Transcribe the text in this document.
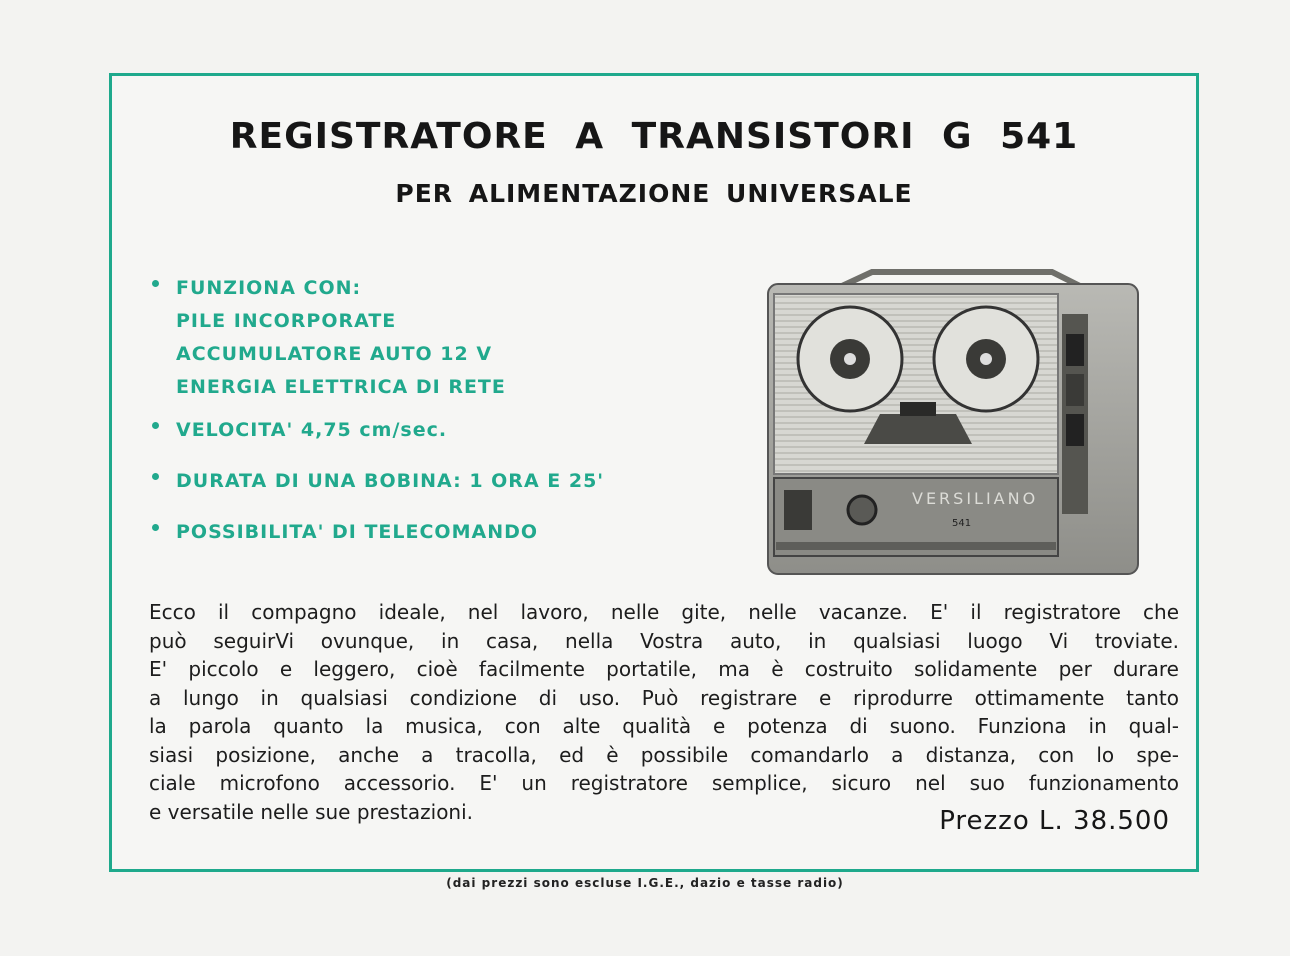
REGISTRATORE A TRANSISTORI G 541
PER ALIMENTAZIONE UNIVERSALE
FUNZIONA CON:
PILE INCORPORATE
ACCUMULATORE AUTO 12 V
ENERGIA ELETTRICA DI RETE
VELOCITA' 4,75 cm/sec.
DURATA DI UNA BOBINA: 1 ORA E 25'
POSSIBILITA' DI TELECOMANDO
VERSILIANO
541
Ecco il compagno ideale, nel lavoro, nelle gite, nelle vacanze. E' il registratore che
può seguirVi ovunque, in casa, nella Vostra auto, in qualsiasi luogo Vi troviate.
E' piccolo e leggero, cioè facilmente portatile, ma è costruito solidamente per durare
a lungo in qualsiasi condizione di uso. Può registrare e riprodurre ottimamente tanto
la parola quanto la musica, con alte qualità e potenza di suono. Funziona in qual-
siasi posizione, anche a tracolla, ed è possibile comandarlo a distanza, con lo spe-
ciale microfono accessorio. E' un registratore semplice, sicuro nel suo funzionamento
e versatile nelle sue prestazioni.	Prezzo L. 38.500
(dai prezzi sono escluse I.G.E., dazio e tasse radio)
